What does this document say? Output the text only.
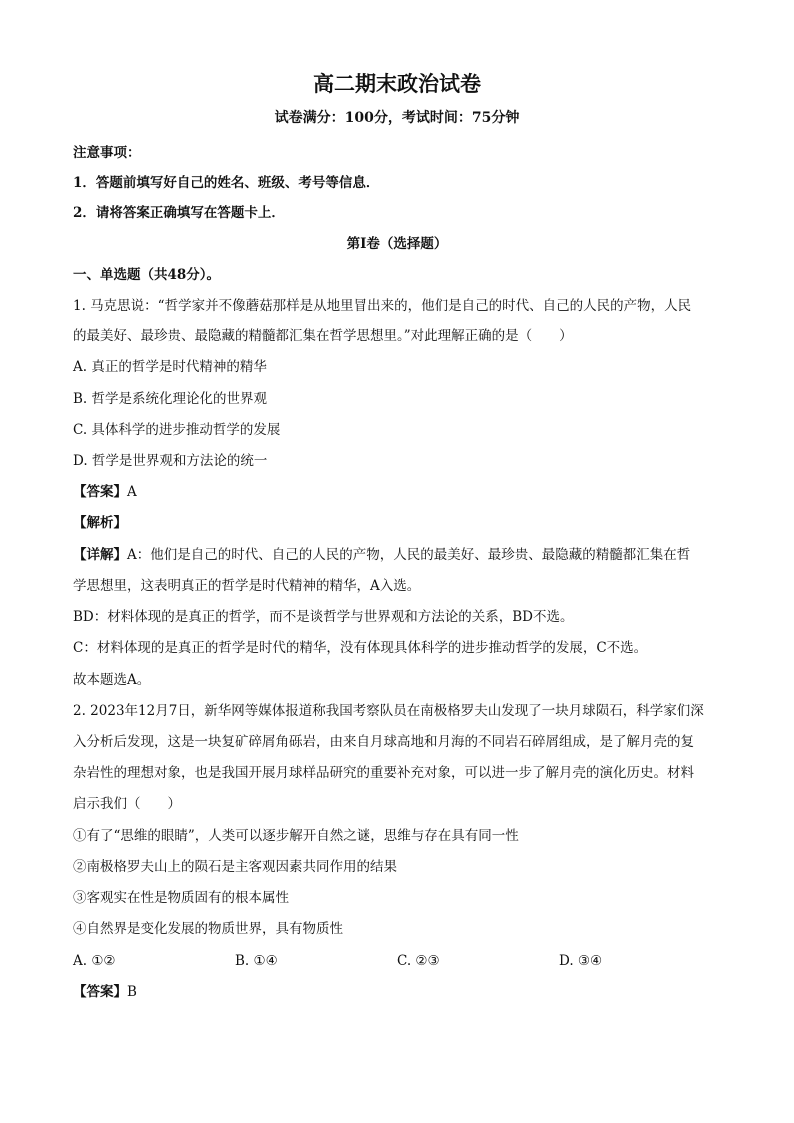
高二期末政治试卷
试卷满分：100分，考试时间：75分钟
注意事项：
1．答题前填写好自己的姓名、班级、考号等信息．
2．请将答案正确填写在答题卡上．
第I卷（选择题）
一、单选题（共48分）。
1. 马克思说：“哲学家并不像蘑菇那样是从地里冒出来的，他们是自己的时代、自己的人民的产物，人民
的最美好、最珍贵、最隐藏的精髓都汇集在哲学思想里。”对此理解正确的是（　　）
A. 真正的哲学是时代精神的精华
B. 哲学是系统化理论化的世界观
C. 具体科学的进步推动哲学的发展
D. 哲学是世界观和方法论的统一
【答案】A
【解析】
【详解】A：他们是自己的时代、自己的人民的产物，人民的最美好、最珍贵、最隐藏的精髓都汇集在哲
学思想里，这表明真正的哲学是时代精神的精华，A入选。
BD：材料体现的是真正的哲学，而不是谈哲学与世界观和方法论的关系，BD不选。
C：材料体现的是真正的哲学是时代的精华，没有体现具体科学的进步推动哲学的发展，C不选。
故本题选A。
2. 2023年12月7日，新华网等媒体报道称我国考察队员在南极格罗夫山发现了一块月球陨石，科学家们深
入分析后发现，这是一块复矿碎屑角砾岩，由来自月球高地和月海的不同岩石碎屑组成，是了解月壳的复
杂岩性的理想对象，也是我国开展月球样品研究的重要补充对象，可以进一步了解月壳的演化历史。材料
启示我们（　　）
①有了“思维的眼睛”，人类可以逐步解开自然之谜，思维与存在具有同一性
②南极格罗夫山上的陨石是主客观因素共同作用的结果
③客观实在性是物质固有的根本属性
④自然界是变化发展的物质世界，具有物质性
A. ①②	B. ①④	C. ②③	D. ③④
【答案】B
